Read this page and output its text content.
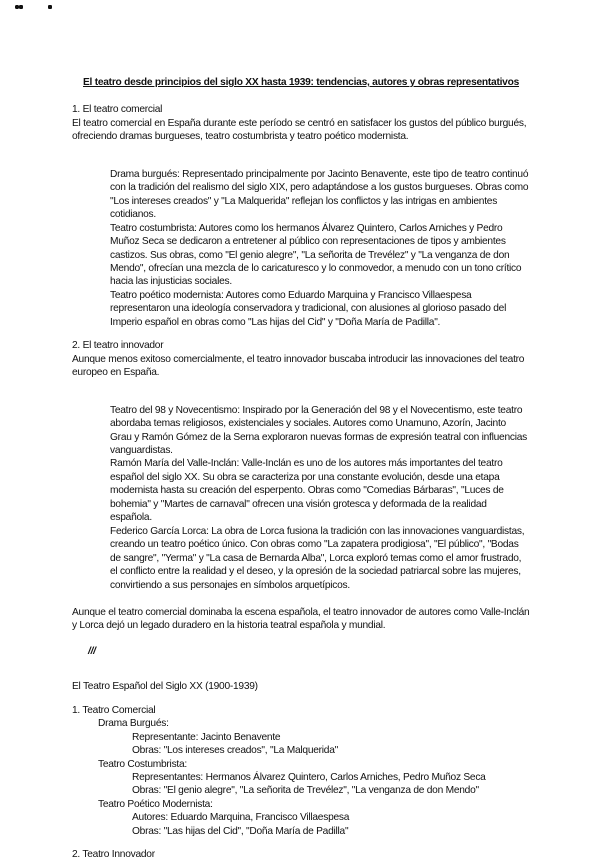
El teatro desde principios del siglo XX hasta 1939: tendencias, autores y obras representativos

1. El teatro comercial

El teatro comercial en España durante este período se centró en satisfacer los gustos del público burgués, ofreciendo dramas burgueses, teatro costumbrista y teatro poético modernista.

Drama burgués: Representado principalmente por Jacinto Benavente, este tipo de teatro continuó con la tradición del realismo del siglo XIX, pero adaptándose a los gustos burgueses. Obras como "Los intereses creados" y "La Malquerida" reflejan los conflictos y las intrigas en ambientes cotidianos.
Teatro costumbrista: Autores como los hermanos Álvarez Quintero, Carlos Arniches y Pedro Muñoz Seca se dedicaron a entretener al público con representaciones de tipos y ambientes castizos. Sus obras, como "El genio alegre", "La señorita de Trevélez" y "La venganza de don Mendo", ofrecían una mezcla de lo caricaturesco y lo conmovedor, a menudo con un tono crítico hacia las injusticias sociales.
Teatro poético modernista: Autores como Eduardo Marquina y Francisco Villaespesa representaron una ideología conservadora y tradicional, con alusiones al glorioso pasado del Imperio español en obras como "Las hijas del Cid" y "Doña María de Padilla".

2. El teatro innovador

Aunque menos exitoso comercialmente, el teatro innovador buscaba introducir las innovaciones del teatro europeo en España.

Teatro del 98 y Novecentismo: Inspirado por la Generación del 98 y el Novecentismo, este teatro abordaba temas religiosos, existenciales y sociales. Autores como Unamuno, Azorín, Jacinto Grau y Ramón Gómez de la Serna exploraron nuevas formas de expresión teatral con influencias vanguardistas.
Ramón María del Valle-Inclán: Valle-Inclán es uno de los autores más importantes del teatro español del siglo XX. Su obra se caracteriza por una constante evolución, desde una etapa modernista hasta su creación del esperpento. Obras como "Comedias Bárbaras", "Luces de bohemia" y "Martes de carnaval" ofrecen una visión grotesca y deformada de la realidad española.
Federico García Lorca: La obra de Lorca fusiona la tradición con las innovaciones vanguardistas, creando un teatro poético único. Con obras como "La zapatera prodigiosa", "El público", "Bodas de sangre", "Yerma" y "La casa de Bernarda Alba", Lorca exploró temas como el amor frustrado, el conflicto entre la realidad y el deseo, y la opresión de la sociedad patriarcal sobre las mujeres, convirtiendo a sus personajes en símbolos arquetípicos.

Aunque el teatro comercial dominaba la escena española, el teatro innovador de autores como Valle-Inclán y Lorca dejó un legado duradero en la historia teatral española y mundial.

///

El Teatro Español del Siglo XX (1900-1939)

1. Teatro Comercial

Drama Burgués:
Representante: Jacinto Benavente
Obras: "Los intereses creados", "La Malquerida"
Teatro Costumbrista:
Representantes: Hermanos Álvarez Quintero, Carlos Arniches, Pedro Muñoz Seca
Obras: "El genio alegre", "La señorita de Trevélez", "La venganza de don Mendo"
Teatro Poético Modernista:
Autores: Eduardo Marquina, Francisco Villaespesa
Obras: "Las hijas del Cid", "Doña María de Padilla"

2. Teatro Innovador
